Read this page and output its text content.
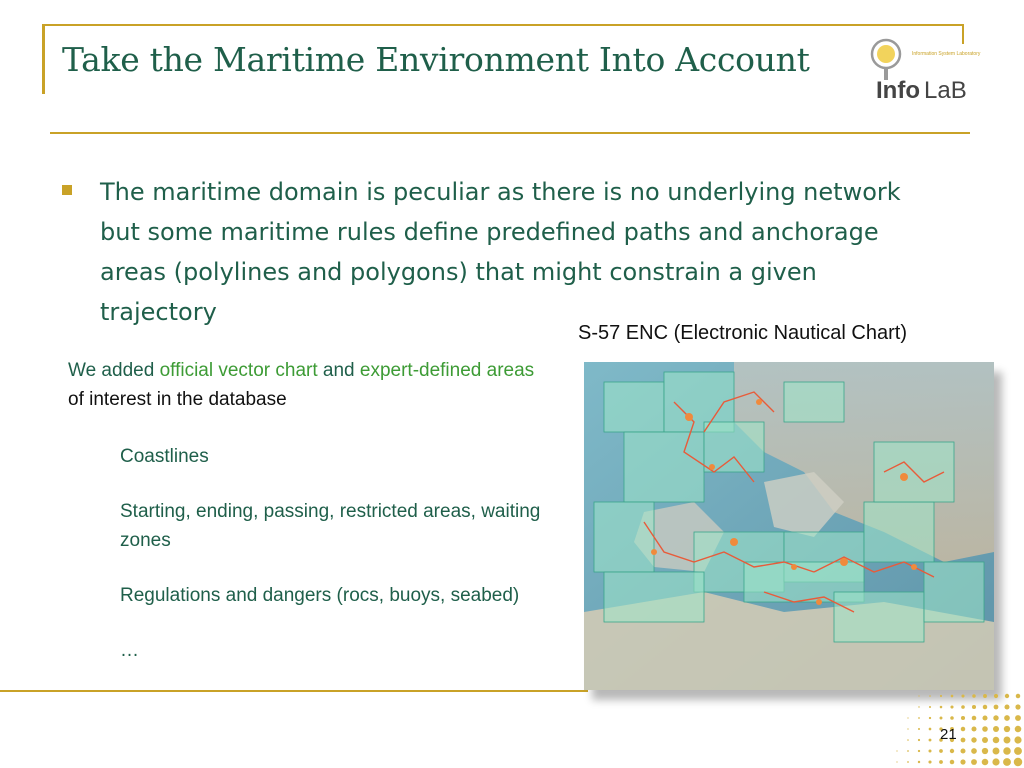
Take the Maritime Environment Into Account	Information System Laboratory
Info LaB
The maritime domain is peculiar as there is no underlying network but some maritime rules define predefined paths and anchorage areas (polylines and polygons) that might constrain a given trajectory
S-57 ENC (Electronic Nautical Chart)
We added official vector chart and expert-defined areas of interest in the database
Coastlines
Starting, ending, passing, restricted areas, waiting zones
Regulations and dangers (rocs, buoys, seabed)
…
21
